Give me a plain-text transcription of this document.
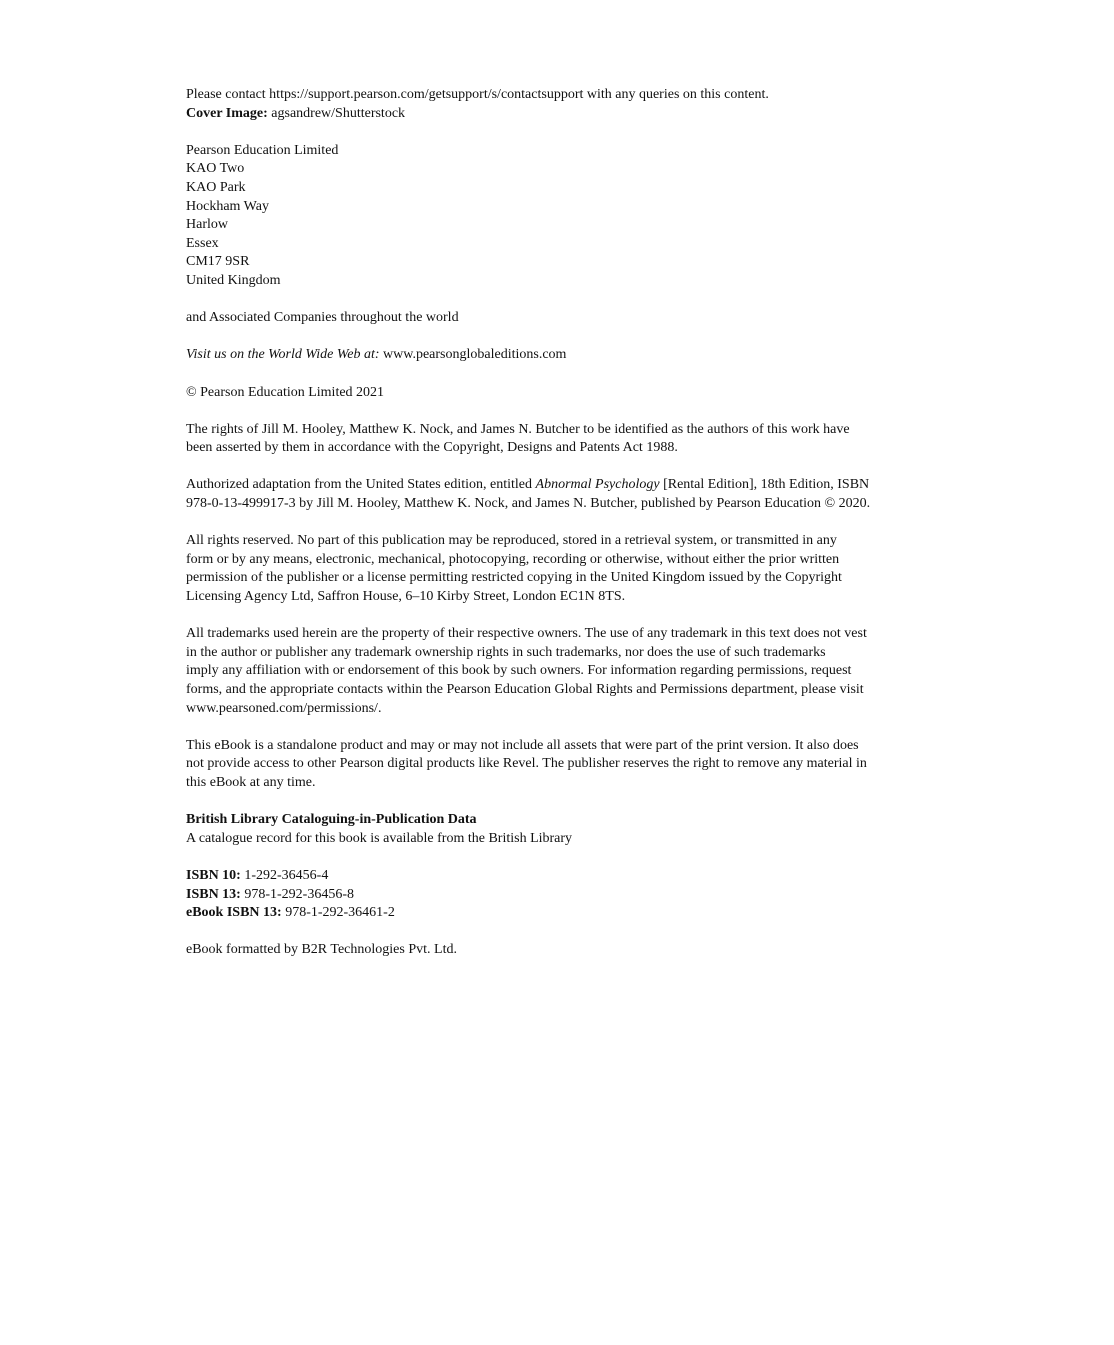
Please contact https://support.pearson.com/getsupport/s/contactsupport with any queries on this content.
Cover Image: agsandrew/Shutterstock

Pearson Education Limited
KAO Two
KAO Park
Hockham Way
Harlow
Essex
CM17 9SR
United Kingdom

and Associated Companies throughout the world

Visit us on the World Wide Web at: www.pearsonglobaleditions.com

© Pearson Education Limited 2021

The rights of Jill M. Hooley, Matthew K. Nock, and James N. Butcher to be identified as the authors of this work have
been asserted by them in accordance with the Copyright, Designs and Patents Act 1988.

Authorized adaptation from the United States edition, entitled Abnormal Psychology [Rental Edition], 18th Edition, ISBN
978-0-13-499917-3 by Jill M. Hooley, Matthew K. Nock, and James N. Butcher, published by Pearson Education © 2020.

All rights reserved. No part of this publication may be reproduced, stored in a retrieval system, or transmitted in any
form or by any means, electronic, mechanical, photocopying, recording or otherwise, without either the prior written
permission of the publisher or a license permitting restricted copying in the United Kingdom issued by the Copyright
Licensing Agency Ltd, Saffron House, 6–10 Kirby Street, London EC1N 8TS.

All trademarks used herein are the property of their respective owners. The use of any trademark in this text does not vest
in the author or publisher any trademark ownership rights in such trademarks, nor does the use of such trademarks
imply any affiliation with or endorsement of this book by such owners. For information regarding permissions, request
forms, and the appropriate contacts within the Pearson Education Global Rights and Permissions department, please visit
www.pearsoned.com/permissions/.

This eBook is a standalone product and may or may not include all assets that were part of the print version. It also does
not provide access to other Pearson digital products like Revel. The publisher reserves the right to remove any material in
this eBook at any time.

British Library Cataloguing-in-Publication Data
A catalogue record for this book is available from the British Library

ISBN 10: 1-292-36456-4
ISBN 13: 978-1-292-36456-8
eBook ISBN 13: 978-1-292-36461-2

eBook formatted by B2R Technologies Pvt. Ltd.
